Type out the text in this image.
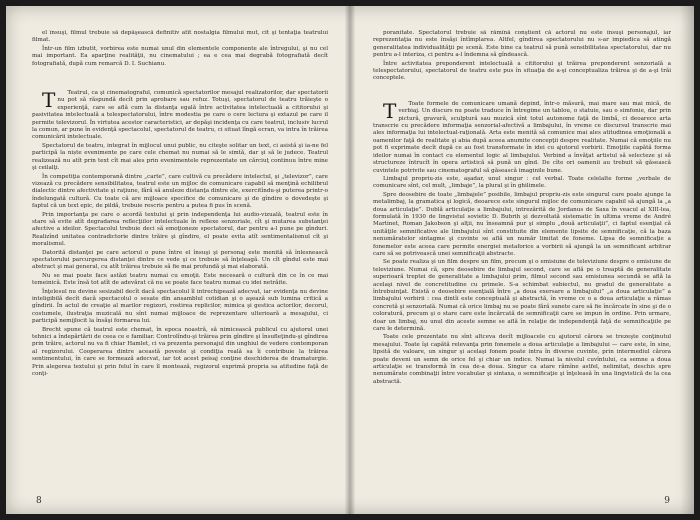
el însuşi, filmul trebuie să depăşească definitiv atît nostalgia filmului mut, cît şi tentaţia teatrului filmat.

Într-un film izbutit, vorbirea este numai unul din elementele componente ale întregului, şi nu cel mai important. Ea aparţine realităţii, nu cinematului ; ea e cea mai degrabă fotografiată decît fotografiată, după cum remarcă D. I. Suchianu.

T	Teatrul, ca şi cinematograful, comunică spectatorilor mesajul realizatorilor, dar spectatorii nu pot să răspundă decît prin aprobare sau refuz. Totuşi, spectatorul de teatru trăieşte o experienţă, care se află cum la distanţa egală între activitatea intelectuală a cititorului şi pasivitatea intelectuală a telespectatorului, între modestia pe care o cere lectura şi extazul pe care il permite televizorul. În virtutea acestor caracteristici, ar depăşi incidenţa cu care teatrul, inclusiv lucrul la comun, ar pune în evidenţă spectacolul, spectatorul de teatru, ci situat lîngă ecran, va intra în trăirea comunicării intelectuale.

Spectatorul de teatru, integrat în mijlocul unui public, nu citeşte solitar un text, ci asistă şi ia-ne fel participă la niște evenimente pe care cele chemat nu numai să le simtă, dar şi să le judece. Teatrul realizează nu atît prin text cît mai ales prin evenimentele reprezentate un cărciuţ continuu între mine şi ceilalţi.

În competiţia contemporană dintre „carte”, care cultivă cu precădere intelectul, şi „televizor”, care vizează cu precădere sensibilitatea, teatrul este un mijloc de comunicare capabil să menţină echilibrul dialectic dintre afectivitate şi raţiune, fără să anuleze distanţa dintre ele, exercitîndu-şi puterea printr-o îndelungată cultură. Cu toate că are mijloace specifice de comunicare şi de gîndire o dovedeşte şi faptul că un text epic, de pildă, trebuie rescris pentru a putea fi pus în scenă.

Prin importanţa pe care o acordă textului şi prin independenţa lui audio-vizuală, teatrul este în stare să evite atît degradarea reflecţiilor intelectuale în reflexe senzoriale, cît şi mutarea substanţei afective a ideilor. Spectacolul trebuie deci să emoţioneze spectatorul, dar pentru a-l pune pe gînduri. Realizînd unitatea contradictorie dintre trăire şi gîndire, el poate evita atît sentimentalismul cît şi moralismul.

Datorită distanţei pe care actorul o pune între el însuşi şi personaj este menită să înlesnească spectatorului parcurgerea distanţei dintre ce vede şi ce trebuie să înţeleagă. Un cît gîndul este mai abstract şi mai general, cu atît trăirea trebuie să fie mai profundă şi mai elaborată.

Nu se mai poate face astăzi teatru numai cu emoţii. Este necesară o cultură din ce în ce mai temeinică. Este însă tot atît de adevărat că nu se poate face teatru numai cu idei netrăite.

Înţelesul nu devine sesizabil decît dacă spectacolul îl intrechipează adecvat, iar evidenţa nu devine inteligibilă decît dacă spectacolul o sesate din ansamblul cotidian şi o aşează sub lumina critică a gîndirii. În actul de creaţie al marilor regizori, rostirea replicilor, mimica şi gestica actorilor, decorul, costumele, ilustraţia muzicală nu sînt numai mijloace de reprezentare ulterioară a mesajului, ci participă nemijlocit la însăşi formarea lui.

Brecht spune că teatrul este chemat, în epoca noastră, să nimicească publicul cu ajutorul unei tehnici a îndepărtării de ceea ce e familiar. Controlîndu-şi trăirea prin gîndire şi însufleţindu-şi gîndirea prin trăire, actorul nu va fi chiar Hamlet, ci va prezenta personajul din unghiul de vedere contemporan al regizorului. Cooperarea dintre această poveste şi condiţia reală sa îi contribuie la trăirea sentimentului, în care se formează adecvat, iar tot acest peisaj conţine deschiderea de dramaturgie. Prin alegerea textului şi prin felul în care îl montează, regizorul exprimă propria sa atitudine faţă de conţi-

8

poranitate. Spectatorul trebuie să rămînă conştient că actorul nu este însuşi personajul, iar reprezentaţia nu este însăşi întîmplarea. Altfel, gîndirea spectatorului nu s-ar impiedica să atingă generalitatea individualităţii pe scenă. Este bine ca teatrul să pună sensibilitatea spectatorului, dar nu pentru a-l interiza, ci pentru a-l îndemna să gîndească.

Între activitatea preponderent intelectuală a cititorului şi trăirea preponderent senzorială a telespectatorului, spectatorul de teatru este pus în situaţia de a-şi conceptualiza trăirea şi de a-şi trăi conceptele.

T	Toate formele de comunicare umană depind, într-o măsură, mai mare sau mai mică, de verbiaj. Un discurs nu poate traduce în întregime un tablou, o statuie, sau o simfonie, dar prin pictură, gravură, sculptură sau muzică sînt totul autonome faţă de limbă, ci deoarece arta transcrie cu precădere informaţia senzorial-afectivă a limbajului, în vreme ce discursul transcrie mai ales informaţia lui intelectual-raţională. Arta este menită să comunice mai ales atitudinea emoţională a oamenilor faţă de realitate şi abia după aceea anumite concepţii despre realitate. Numai că emoţiile nu pot fi exprimate decît după ce au fost transformate în idei cu ajutorul vorbirii. Emoţiile capătă forma ideilor numai în contact cu elementul logic al limbajului. Verbind a învăţat artistul să selecteze şi să structureze întrucît în opera artistică să pună un gînd. De cîte ori oamenii au trebuit să găsească cuvintele potrivite sau cinematograful să găsească imaginile bune.

Limbajul propriu-zis este, aşadar, unul singur : cel verbal. Toate celelalte forme „verbale de comunicare sînt, cel mult, „limbaje”, la plural şi în ghilimele.

Spre deosebire de toate „limbajele” posibile, limbajul propriu-zis este singurul care poate ajunge la metalimbaj, la gramatica şi logică, deoarece este singurul mijloc de comunicare capabil să ajungă la „a doua articulaţie”. Dublă articulaţie a limbajului, intrezărită de Jordanus de Saxa în veacul al XIII-lea, formulată în 1930 de lingvistul sovietic D. Bubrih şi dezvoltată sistematic în ultima vreme de André Martinet, Roman Jakobson şi alţii, nu înseamnă pur şi simplu „două articulaţii”, ci faptul esenţial că unităţile semnificative ale limbajului sînt constituite din elemente lipsite de semnificaţie, că la baza nenumăratelor sintagme şi cuvinte se află un număr limitat de foneme. Lipsa de semnificaţie a fonemelor este aceea care permite energiei metaforice a vorbirii să ajungă la un semnificant arbitrar care să se potrivească unei semnificaţii abstracte.

Se poate realiza şi un film despre un film, precum şi o emisiune de televiziune despre o emisiune de televiziune. Numai că, spre deosebire de limbajul second, care se află pe o treaptă de generalitate superioară treptei de generalitate a limbajului prim, filmul second sau emisiunea secundă se află la acelaşi nivel de concretitudine cu primele. S-a schimbat subiectul, nu gradul de generalitate a întrebuinţat. Există o deosebire esenţială între „a doua exersare a limbajului” „a doua articulaţie” a limbajului vorbirii : cea dintîi este conceptuală şi abstractă, în vreme ce o a doua articulaţie a rămas concretă şi senzorială. Numai că orice limbaj nu se poate fără sunete care să fie încărcate în sine şi de o coloratură, precum şi o stare care este încărcată de semnificaţii care se impun în ordine. Prin urmare, doar un limbaj, nu unul din aceste semne se află în relaţie de independenţă faţă de semnificaţiile pe care le determină.

Toate cele prezentate nu sînt altceva decît mijloacele cu ajutorul cărora se trezeşte conţinutul mesajului. Toate îşi capătă relevanţa prin fonemele a doua articulaţie a limbajului — care este, în sine, lipsită de valoare, un singur şi acelaşi fonem poate intra în diverse cuvinte, prin intermediul cărora poate deveni un semn de orice fel şi chiar un indice. Numai la nivelul cuvîntului, ca semne a doua articulaţie se transformă în cea de-a doua. Singur ca atare rămîne astfel, nelimitat, deschis spre nenumărate combinaţii între vocabular şi sintaxa, o semnificaţie şi înţeleasă în una lingvistică de la cea abstractă.

9
